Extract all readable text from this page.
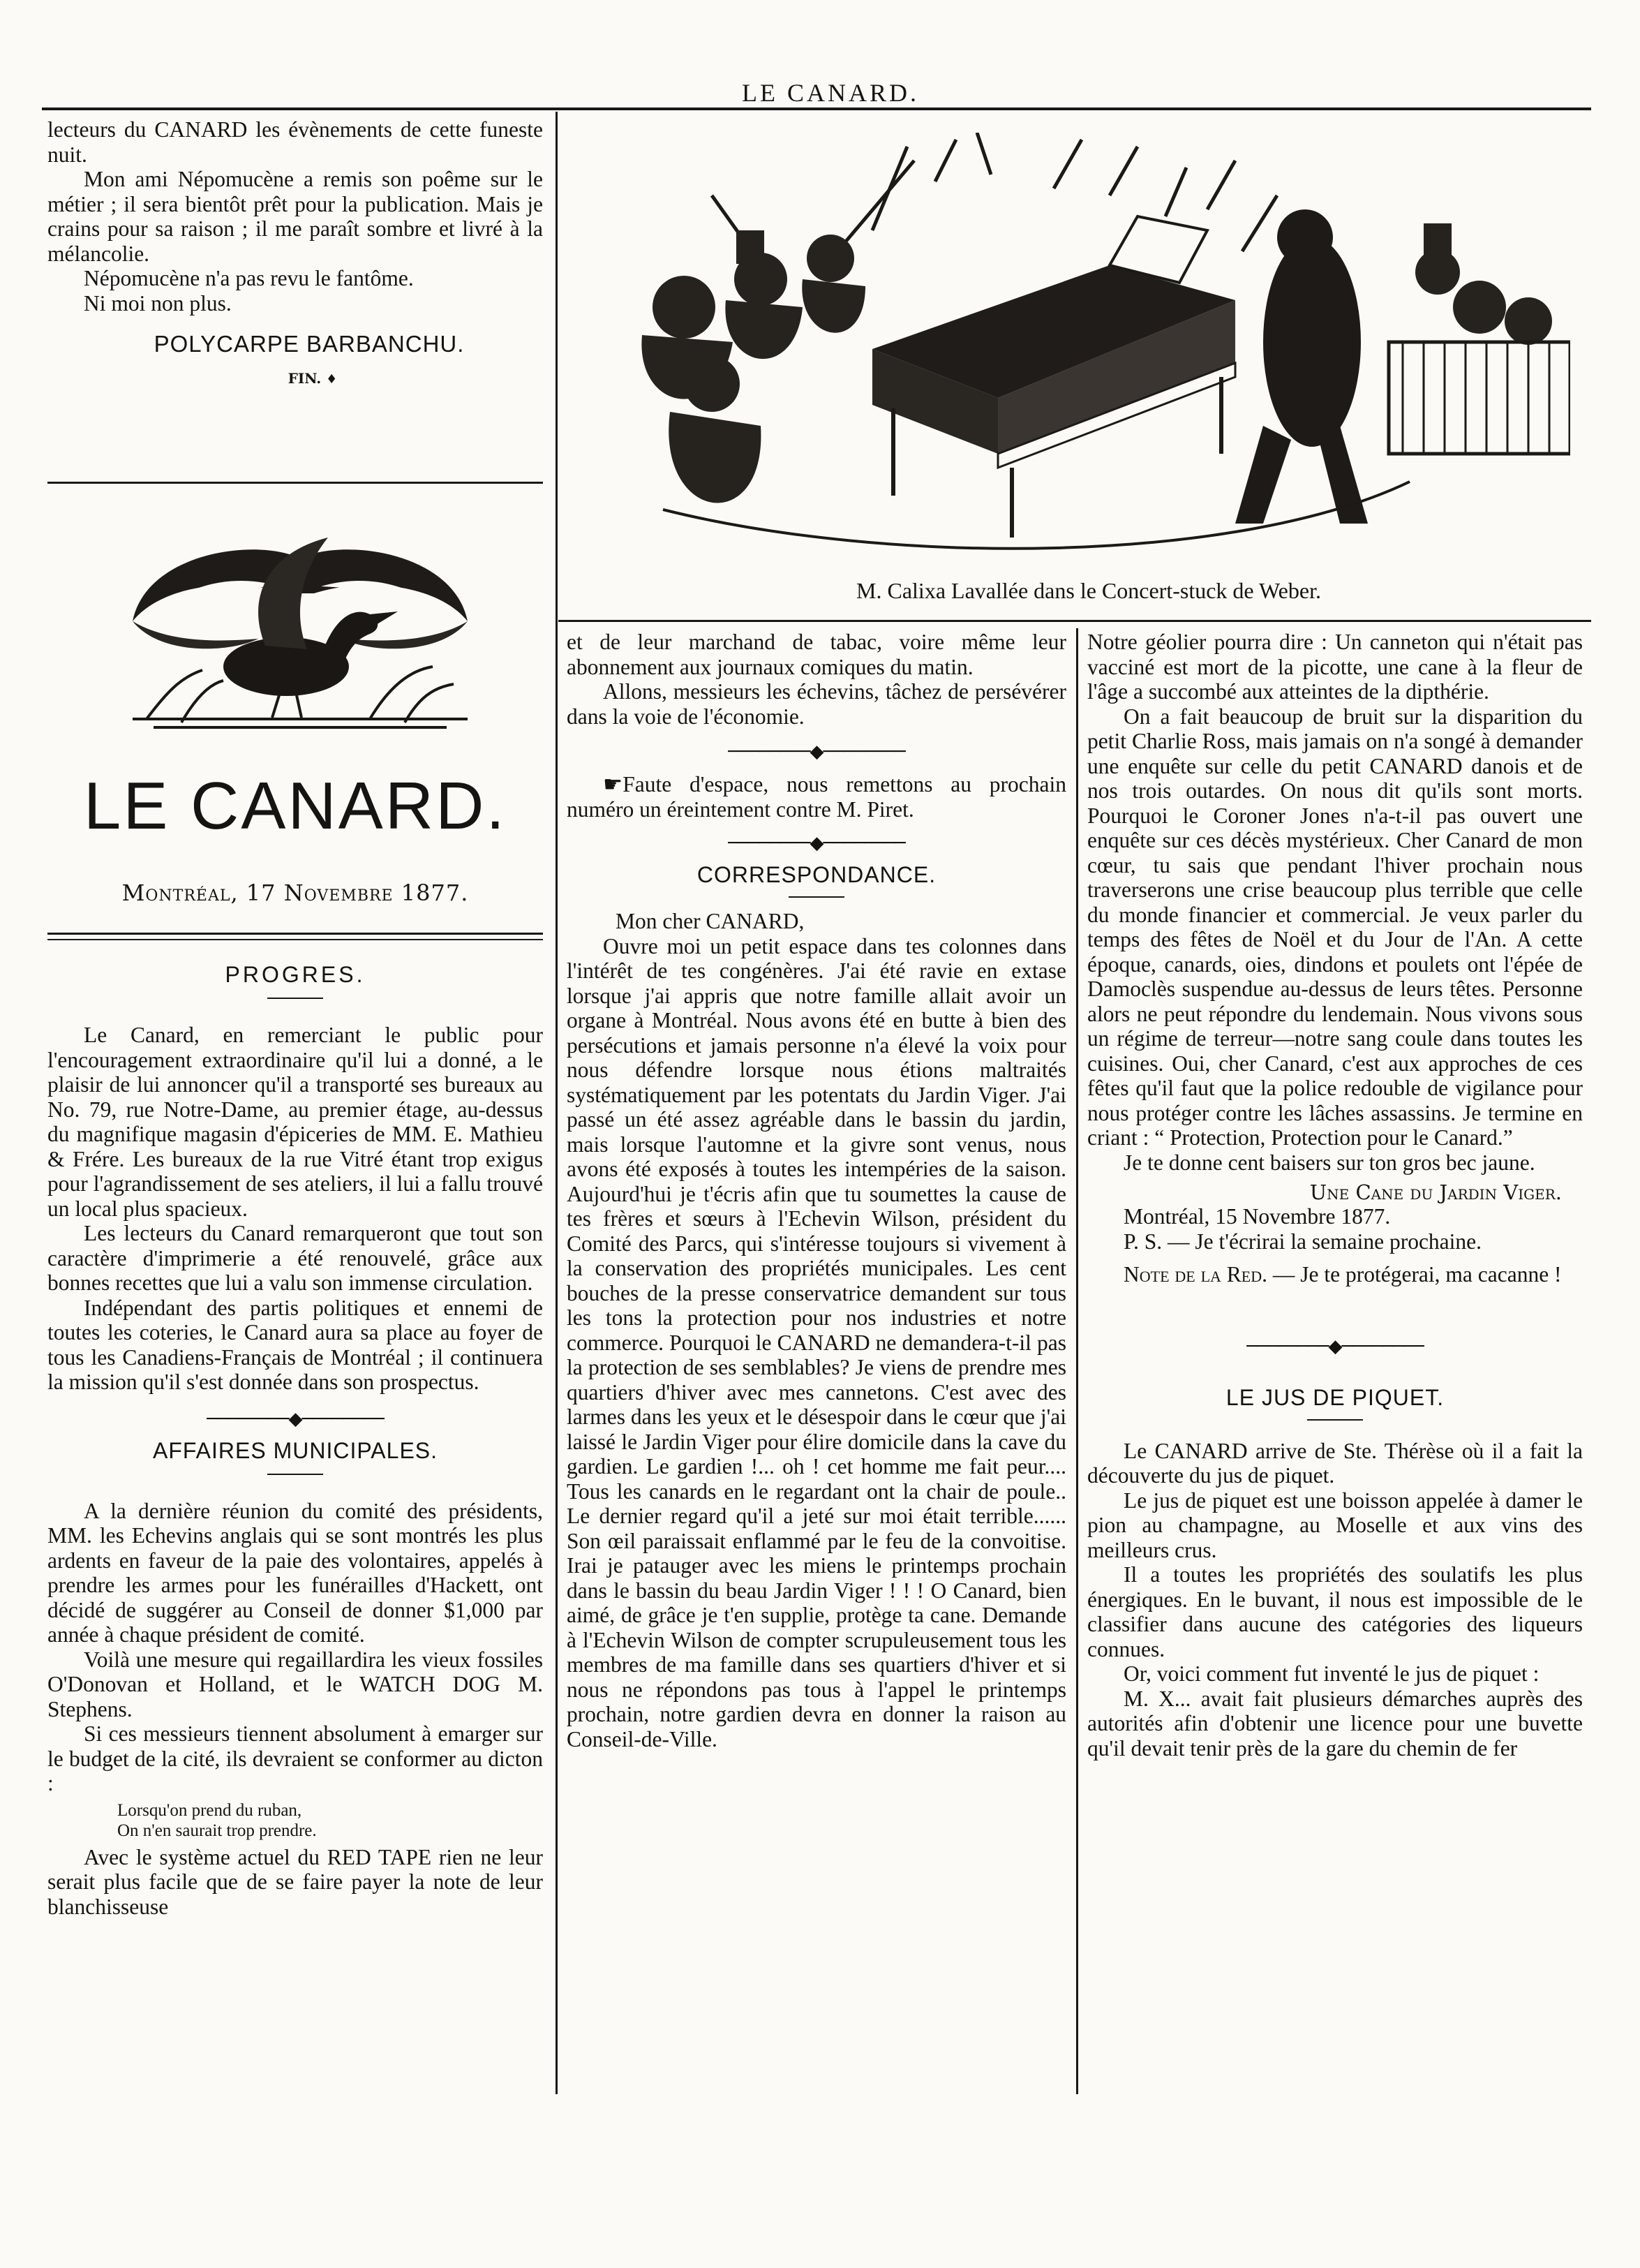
LE CANARD.

lecteurs du CANARD les évènements de cette funeste nuit.

Mon ami Népomucène a remis son poême sur le métier ; il sera bientôt prêt pour la publication. Mais je crains pour sa raison ; il me paraît sombre et livré à la mélancolie.

Népomucène n'a pas revu le fantôme.

Ni moi non plus.

POLYCARPE BARBANCHU.
FIN. ♦
LE CANARD.
Montréal, 17 Novembre 1877.
PROGRES.

Le Canard, en remerciant le public pour l'encouragement extraordinaire qu'il lui a donné, a le plaisir de lui annoncer qu'il a transporté ses bureaux au No. 79, rue Notre-Dame, au premier étage, au-dessus du magnifique magasin d'épiceries de MM. E. Mathieu & Frére. Les bureaux de la rue Vitré étant trop exigus pour l'agrandissement de ses ateliers, il lui a fallu trouvé un local plus spacieux.

Les lecteurs du Canard remarqueront que tout son caractère d'imprimerie a été renouvelé, grâce aux bonnes recettes que lui a valu son immense circulation.

Indépendant des partis politiques et ennemi de toutes les coteries, le Canard aura sa place au foyer de tous les Canadiens-Français de Montréal ; il continuera la mission qu'il s'est donnée dans son prospectus.

────────◆────────
AFFAIRES MUNICIPALES.

A la dernière réunion du comité des présidents, MM. les Echevins anglais qui se sont montrés les plus ardents en faveur de la paie des volontaires, appelés à prendre les armes pour les funérailles d'Hackett, ont décidé de suggérer au Conseil de donner $1,000 par année à chaque président de comité.

Voilà une mesure qui regaillardira les vieux fossiles O'Donovan et Holland, et le WATCH DOG M. Stephens.

Si ces messieurs tiennent absolument à emarger sur le budget de la cité, ils devraient se conformer au dicton :

Lorsqu'on prend du ruban,

On n'en saurait trop prendre.

Avec le système actuel du RED TAPE rien ne leur serait plus facile que de se faire payer la note de leur blanchisseuse

M. Calixa Lavallée dans le Concert-stuck de Weber.

et de leur marchand de tabac, voire même leur abonnement aux journaux comiques du matin.

Allons, messieurs les échevins, tâchez de persévérer dans la voie de l'économie.

────────◆────────

☛Faute d'espace, nous remettons au prochain numéro un éreintement contre M. Piret.

────────◆────────
CORRESPONDANCE.

Mon cher CANARD,

Ouvre moi un petit espace dans tes colonnes dans l'intérêt de tes congénères. J'ai été ravie en extase lorsque j'ai appris que notre famille allait avoir un organe à Montréal. Nous avons été en butte à bien des persécutions et jamais personne n'a élevé la voix pour nous défendre lorsque nous étions maltraités systématiquement par les potentats du Jardin Viger. J'ai passé un été assez agréable dans le bassin du jardin, mais lorsque l'automne et la givre sont venus, nous avons été exposés à toutes les intempéries de la saison. Aujourd'hui je t'écris afin que tu soumettes la cause de tes frères et sœurs à l'Echevin Wilson, président du Comité des Parcs, qui s'intéresse toujours si vivement à la conservation des propriétés municipales. Les cent bouches de la presse conservatrice demandent sur tous les tons la protection pour nos industries et notre commerce. Pourquoi le CANARD ne demandera-t-il pas la protection de ses semblables? Je viens de prendre mes quartiers d'hiver avec mes cannetons. C'est avec des larmes dans les yeux et le désespoir dans le cœur que j'ai laissé le Jardin Viger pour élire domicile dans la cave du gardien. Le gardien !... oh ! cet homme me fait peur.... Tous les canards en le regardant ont la chair de poule.. Le dernier regard qu'il a jeté sur moi était terrible...... Son œil paraissait enflammé par le feu de la convoitise. Irai je patauger avec les miens le printemps prochain dans le bassin du beau Jardin Viger ! ! ! O Canard, bien aimé, de grâce je t'en supplie, protège ta cane. Demande à l'Echevin Wilson de compter scrupuleusement tous les membres de ma famille dans ses quartiers d'hiver et si nous ne répondons pas tous à l'appel le printemps prochain, notre gardien devra en donner la raison au Conseil-de-Ville.

Notre géolier pourra dire : Un canneton qui n'était pas vacciné est mort de la picotte, une cane à la fleur de l'âge a succombé aux atteintes de la dipthérie.

On a fait beaucoup de bruit sur la disparition du petit Charlie Ross, mais jamais on n'a songé à demander une enquête sur celle du petit CANARD danois et de nos trois outardes. On nous dit qu'ils sont morts. Pourquoi le Coroner Jones n'a-t-il pas ouvert une enquête sur ces décès mystérieux. Cher Canard de mon cœur, tu sais que pendant l'hiver prochain nous traverserons une crise beaucoup plus terrible que celle du monde financier et commercial. Je veux parler du temps des fêtes de Noël et du Jour de l'An. A cette époque, canards, oies, dindons et poulets ont l'épée de Damoclès suspendue au-dessus de leurs têtes. Personne alors ne peut répondre du lendemain. Nous vivons sous un régime de terreur—notre sang coule dans toutes les cuisines. Oui, cher Canard, c'est aux approches de ces fêtes qu'il faut que la police redouble de vigilance pour nous protéger contre les lâches assassins. Je termine en criant : “ Protection, Protection pour le Canard.”

Je te donne cent baisers sur ton gros bec jaune.

Une Cane du Jardin Viger.

Montréal, 15 Novembre 1877.

P. S. — Je t'écrirai la semaine prochaine.

Note de la Red. — Je te protégerai, ma cacanne !

────────◆────────
LE JUS DE PIQUET.

Le CANARD arrive de Ste. Thérèse où il a fait la découverte du jus de piquet.

Le jus de piquet est une boisson appelée à damer le pion au champagne, au Moselle et aux vins des meilleurs crus.

Il a toutes les propriétés des soulatifs les plus énergiques. En le buvant, il nous est impossible de le classifier dans aucune des catégories des liqueurs connues.

Or, voici comment fut inventé le jus de piquet :

M. X... avait fait plusieurs démarches auprès des autorités afin d'obtenir une licence pour une buvette qu'il devait tenir près de la gare du chemin de fer
